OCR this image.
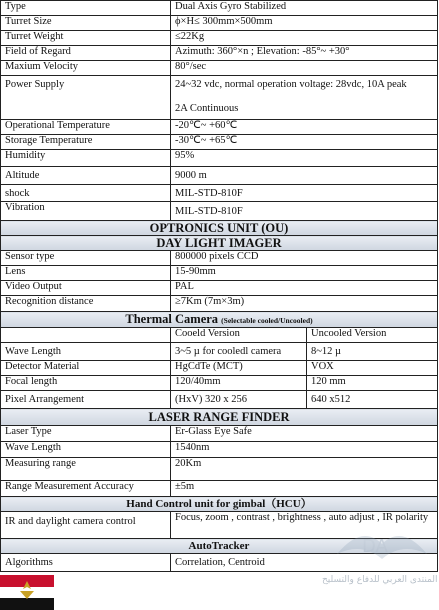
Type	Dual Axis Gyro Stabilized	
Turret Size	ϕ×H≤ 300mm×500mm	
Turret Weight	≤22Kg	
Field of Regard	Azimuth: 360°×n ; Elevation: -85°~ +30°	
Maxium Velocity	80°/sec	
Power Supply	24~32 vdc, normal operation voltage: 28vdc, 10A peak
2A Continuous	

Operational Temperature	-20℃~ +60℃	
Storage Temperature	-30℃~ +65℃	
Humidity	95%	
Altitude	9000 m	
shock	MIL-STD-810F	
Vibration	MIL-STD-810F	
OPTRONICS UNIT (OU)		
DAY LIGHT IMAGER		
Sensor type	800000 pixels CCD	
Lens	15-90mm	
Video Output	PAL	
Recognition distance	≥7Km (7m×3m)	
Thermal Camera (Selectable cooled/Uncooled)		
	Cooeld Version	Uncooled Version
Wave Length	3~5 µ for cooledl camera	8~12 µ
Detector Material	HgCdTe (MCT)	VOX
Focal length	120/40mm	120 mm
Pixel Arrangement	(HxV) 320 x 256	640 x512
LASER RANGE FINDER		
Laser Type	Er-Glass Eye Safe	
Wave Length	1540nm	
Measuring range	20Km	
Range Measurement Accuracy	±5m	
Hand Control unit for gimbal（HCU）		
IR and daylight camera control	Focus, zoom , contrast , brightness , auto adjust , IR polarity	
AutoTracker		
Algorithms	Correlation, Centroid	
DA
ﺍﻟﻤﻨﺘﺪﻯ ﺍﻟﻌﺮﺑﻲ ﻟﻠﺪﻓﺎﻉ ﻭﺍﻟﺘﺴﻠﻴﺢ
